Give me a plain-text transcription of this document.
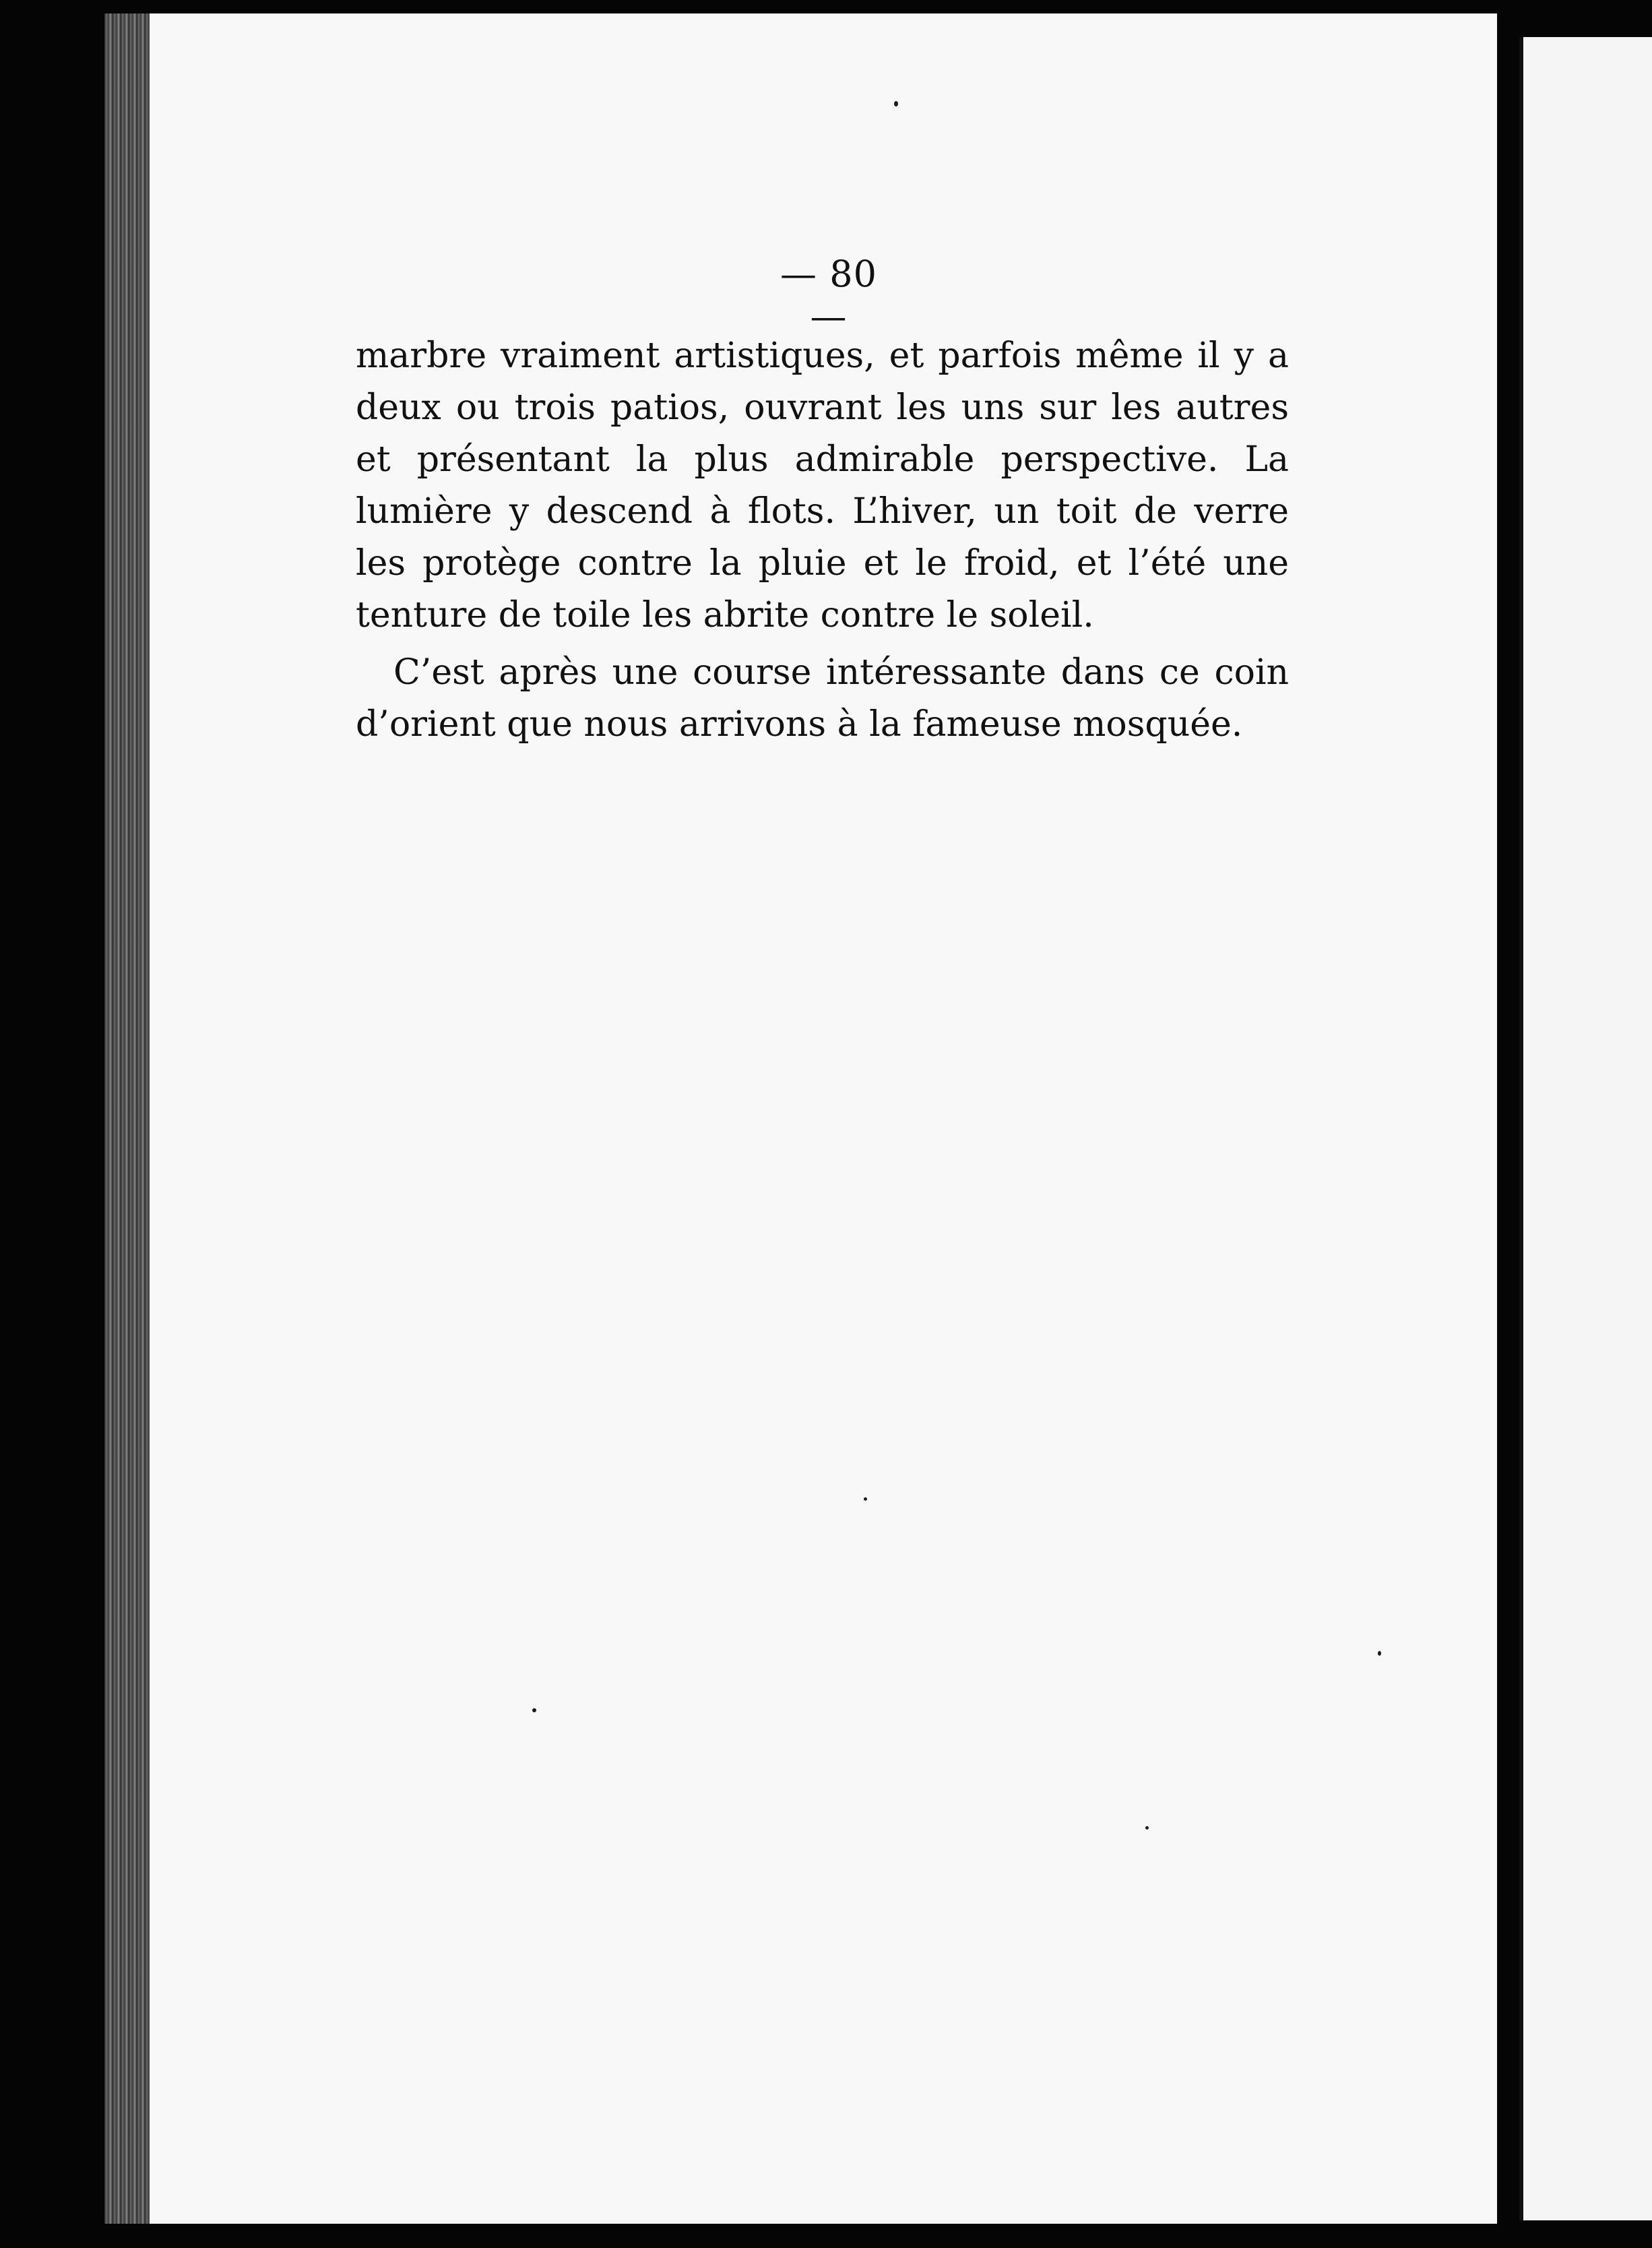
— 80 —

marbre vraiment artistiques, et parfois même il y a deux ou trois patios, ouvrant les uns sur les autres et présentant la plus admirable perspective. La lumière y descend à flots. L’hiver, un toit de verre les protège contre la pluie et le froid, et l’été une tenture de toile les abrite contre le soleil.

C’est après une course intéressante dans ce coin d’orient que nous arrivons à la fameuse mosquée.
